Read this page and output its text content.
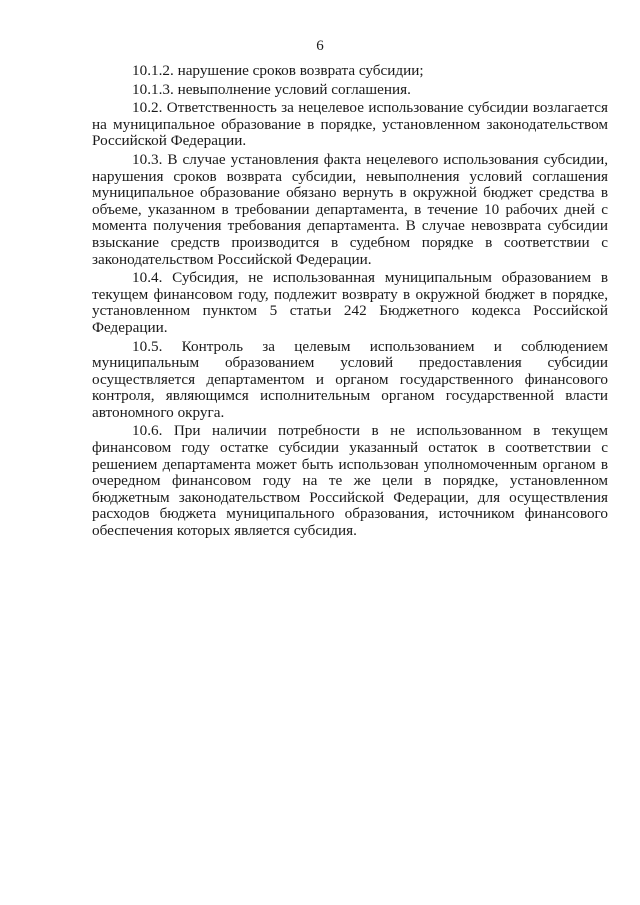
6

10.1.2. нарушение сроков возврата субсидии;

10.1.3. невыполнение условий соглашения.

10.2. Ответственность за нецелевое использование субсидии возлагается на муниципальное образование в порядке, установленном законодательством Российской Федерации.

10.3. В случае установления факта нецелевого использования субсидии, нарушения сроков возврата субсидии, невыполнения условий соглашения муниципальное образование обязано вернуть в окружной бюджет средства в объеме, указанном в требовании департамента, в течение 10 рабочих дней с момента получения требования департамента. В случае невозврата субсидии взыскание средств производится в судебном порядке в соответствии с законодательством Российской Федерации.

10.4. Субсидия, не использованная муниципальным образованием в текущем финансовом году, подлежит возврату в окружной бюджет в порядке, установленном пунктом 5 статьи 242 Бюджетного кодекса Российской Федерации.

10.5. Контроль за целевым использованием и соблюдением муниципальным образованием условий предоставления субсидии осуществляется департаментом и органом государственного финансового контроля, являющимся исполнительным органом государственной власти автономного округа.

10.6. При наличии потребности в не использованном в текущем финансовом году остатке субсидии указанный остаток в соответствии с решением департамента может быть использован уполномоченным органом в очередном финансовом году на те же цели в порядке, установленном бюджетным законодательством Российской Федерации, для осуществления расходов бюджета муниципального образования, источником финансового обеспечения которых является субсидия.
